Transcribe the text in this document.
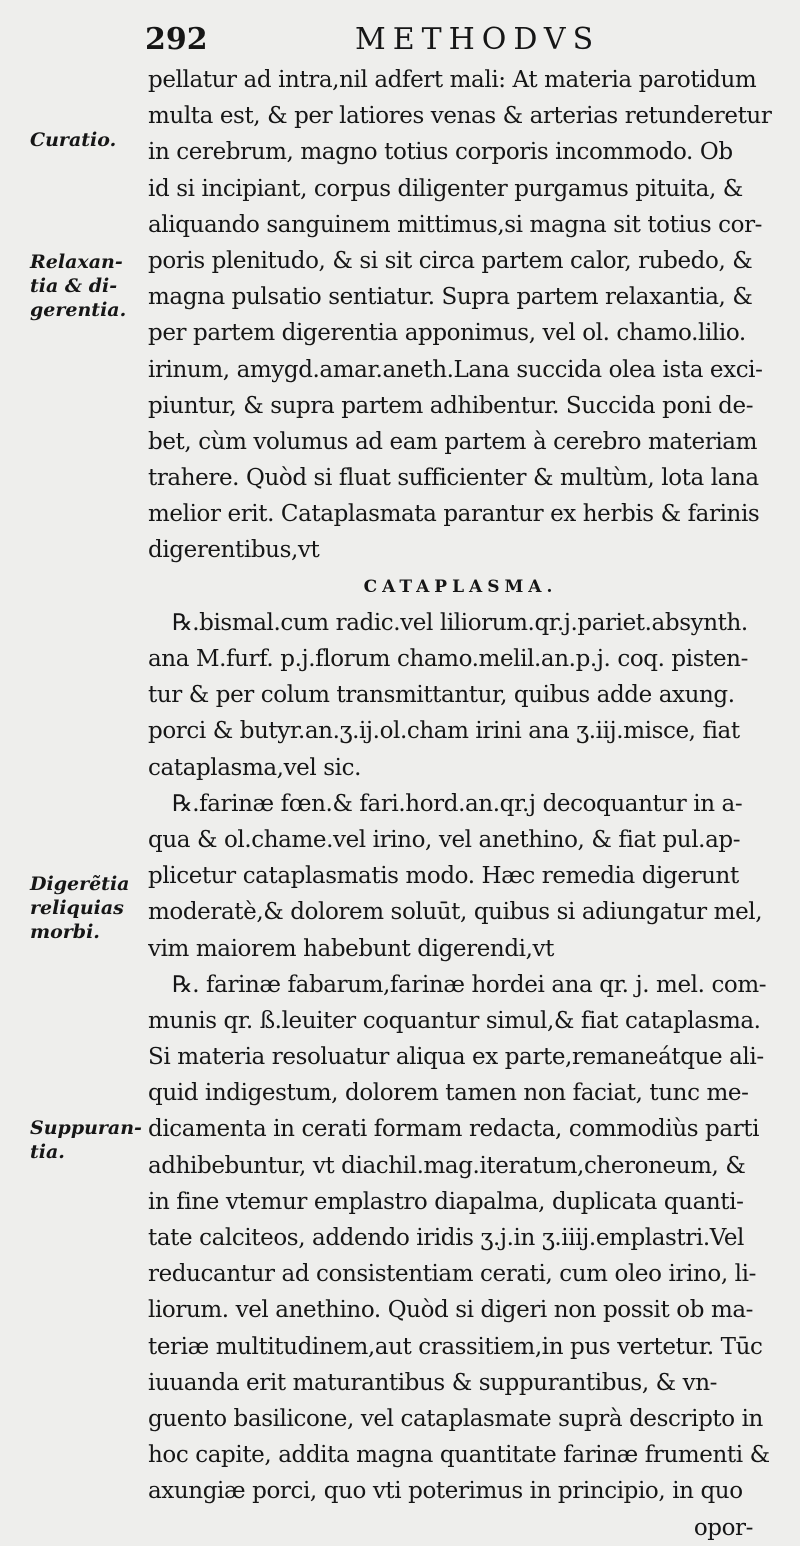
292	METHODVS
Curatio.
Relaxan-
tia & di-
gerentia.
Digerẽtia
reliquias
morbi.
Suppuran-
tia.
pellatur ad intra,nil adfert mali: At materia parotidum
multa est, & per latiores venas & arterias retunderetur
in cerebrum, magno totius corporis incommodo. Ob
id si incipiant, corpus diligenter purgamus pituita, &
aliquando sanguinem mittimus,si magna sit totius cor-
poris plenitudo, & si sit circa partem calor, rubedo, &
magna pulsatio sentiatur. Supra partem relaxantia, &
per partem digerentia apponimus, vel ol. chamo.lilio.
irinum, amygd.amar.aneth.Lana succida olea ista exci-
piuntur, & supra partem adhibentur. Succida poni de-
bet, cùm volumus ad eam partem à cerebro materiam
trahere. Quòd si fluat sufficienter & multùm, lota lana
melior erit. Cataplasmata parantur ex herbis & farinis
digerentibus,vt
CATAPLASMA.
℞.bismal.cum radic.vel liliorum.qr.j.pariet.absynth.
ana M.furf. p.j.florum chamo.melil.an.p.j. coq. pisten-
tur & per colum transmittantur, quibus adde axung.
porci & butyr.an.ʒ.ij.ol.cham irini ana ʒ.iij.misce, fiat
cataplasma,vel sic.
℞.farinæ fœn.& fari.hord.an.qr.j decoquantur in a-
qua & ol.chame.vel irino, vel anethino, & fiat pul.ap-
plicetur cataplasmatis modo. Hæc remedia digerunt
moderatè,& dolorem soluūt, quibus si adiungatur mel,
vim maiorem habebunt digerendi,vt
℞. farinæ fabarum,farinæ hordei ana qr. j. mel. com-
munis qr. ß.leuiter coquantur simul,& fiat cataplasma.
Si materia resoluatur aliqua ex parte,remaneátque ali-
quid indigestum, dolorem tamen non faciat, tunc me-
dicamenta in cerati formam redacta, commodiùs parti
adhibebuntur, vt diachil.mag.iteratum,cheroneum, &
in fine vtemur emplastro diapalma, duplicata quanti-
tate calciteos, addendo iridis ʒ.j.in ʒ.iiij.emplastri.Vel
reducantur ad consistentiam cerati, cum oleo irino, li-
liorum. vel anethino. Quòd si digeri non possit ob ma-
teriæ multitudinem,aut crassitiem,in pus vertetur. Tūc
iuuanda erit maturantibus & suppurantibus, & vn-
guento basilicone, vel cataplasmate suprà descripto in
hoc capite, addita magna quantitate farinæ frumenti &
axungiæ porci, quo vti poterimus in principio, in quo
opor-
